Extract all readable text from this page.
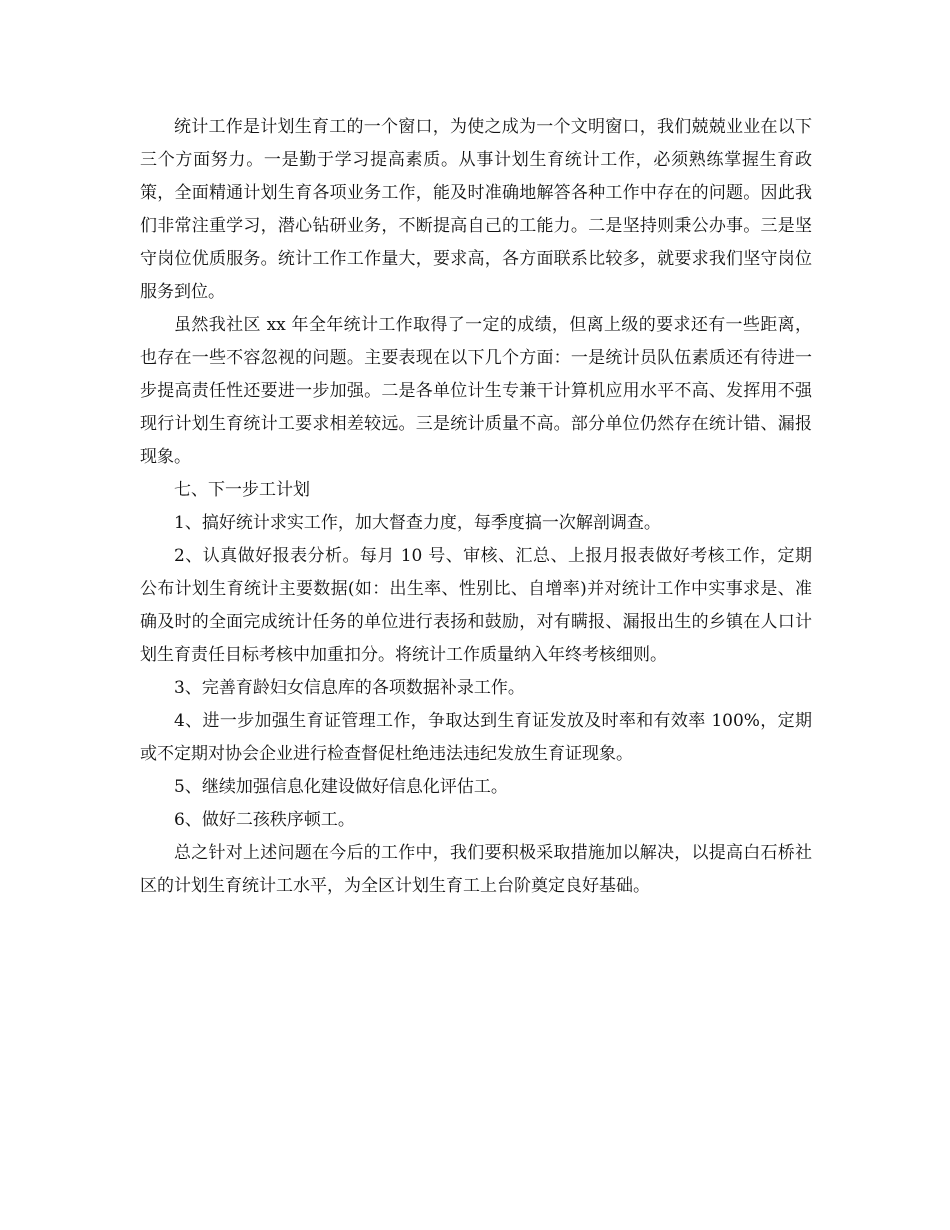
统计工作是计划生育工的一个窗口，为使之成为一个文明窗口，我们兢兢业业在以下三个方面努力。一是勤于学习提高素质。从事计划生育统计工作，必须熟练掌握生育政策，全面精通计划生育各项业务工作，能及时准确地解答各种工作中存在的问题。因此我们非常注重学习，潜心钻研业务，不断提高自己的工能力。二是坚持则秉公办事。三是坚守岗位优质服务。统计工作工作量大，要求高，各方面联系比较多，就要求我们坚守岗位服务到位。

虽然我社区 xx 年全年统计工作取得了一定的成绩，但离上级的要求还有一些距离，也存在一些不容忽视的问题。主要表现在以下几个方面：一是统计员队伍素质还有待进一步提高责任性还要进一步加强。二是各单位计生专兼干计算机应用水平不高、发挥用不强现行计划生育统计工要求相差较远。三是统计质量不高。部分单位仍然存在统计错、漏报现象。

七、下一步工计划

1、搞好统计求实工作，加大督查力度，每季度搞一次解剖调查。

2、认真做好报表分析。每月 10 号、审核、汇总、上报月报表做好考核工作，定期公布计划生育统计主要数据(如：出生率、性别比、自增率)并对统计工作中实事求是、准确及时的全面完成统计任务的单位进行表扬和鼓励，对有瞒报、漏报出生的乡镇在人口计划生育责任目标考核中加重扣分。将统计工作质量纳入年终考核细则。

3、完善育龄妇女信息库的各项数据补录工作。

4、进一步加强生育证管理工作，争取达到生育证发放及时率和有效率 100%，定期或不定期对协会企业进行检查督促杜绝违法违纪发放生育证现象。

5、继续加强信息化建设做好信息化评估工。

6、做好二孩秩序顿工。

总之针对上述问题在今后的工作中，我们要积极采取措施加以解决，以提高白石桥社区的计划生育统计工水平，为全区计划生育工上台阶奠定良好基础。
